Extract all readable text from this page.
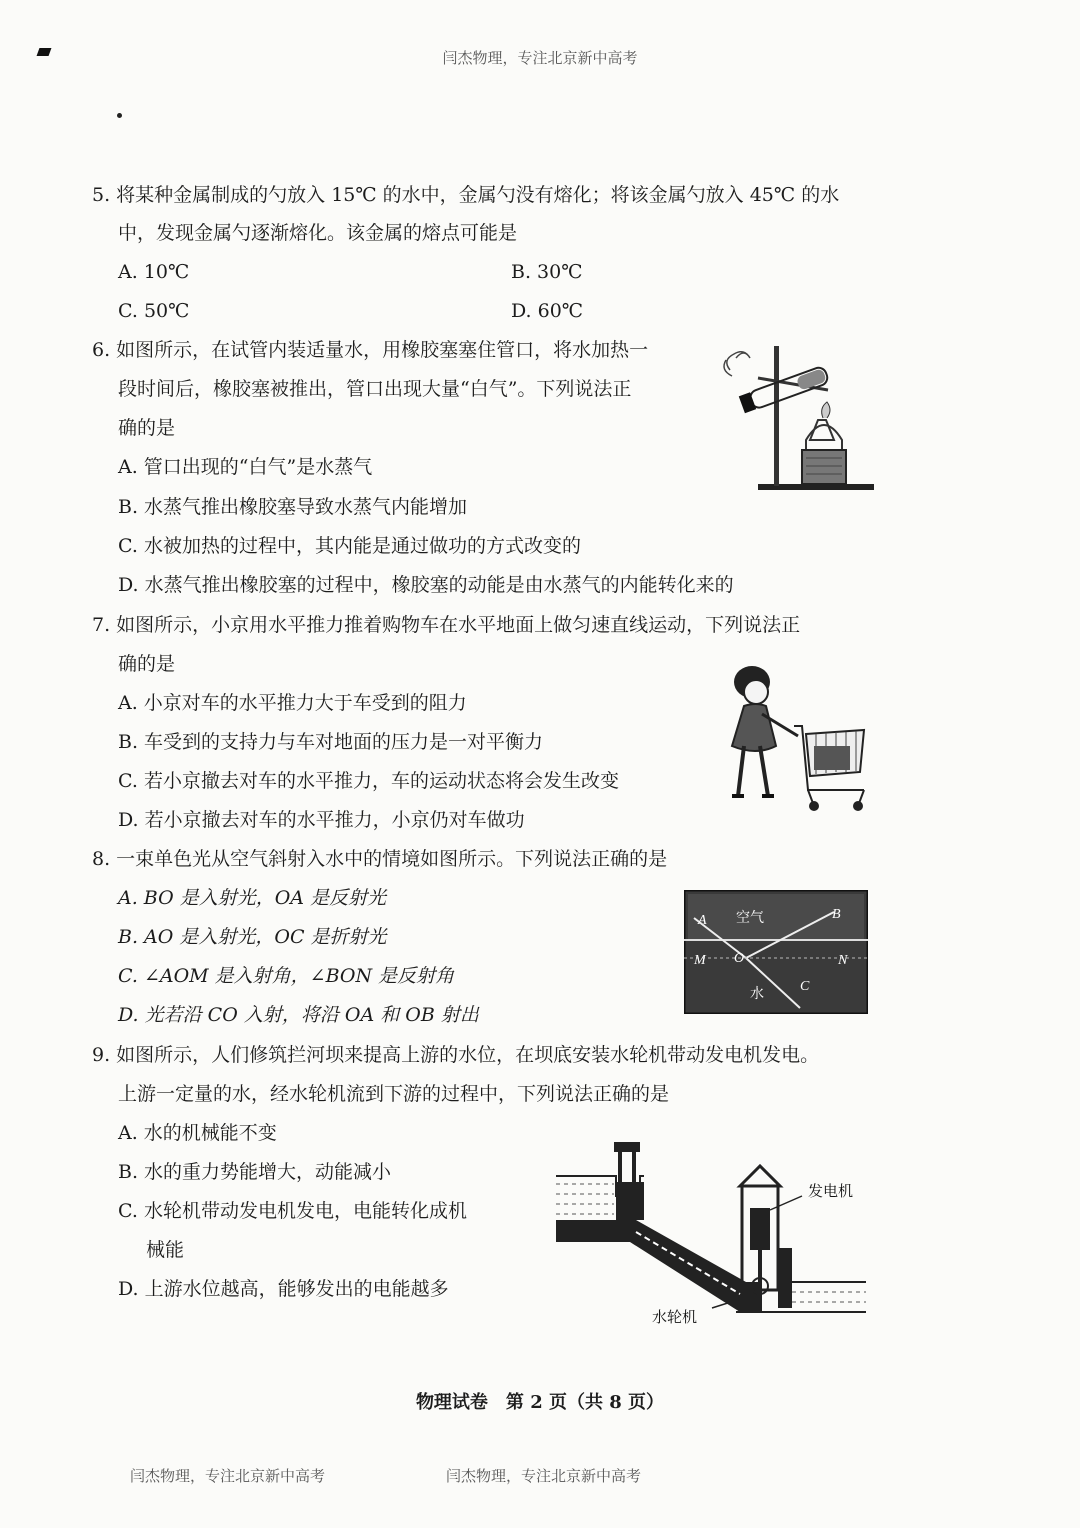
闫杰物理，专注北京新中高考
5. 将某种金属制成的勺放入 15℃ 的水中，金属勺没有熔化；将该金属勺放入 45℃ 的水
中，发现金属勺逐渐熔化。该金属的熔点可能是
A. 10℃	B. 30℃
C. 50℃	D. 60℃
6. 如图所示，在试管内装适量水，用橡胶塞塞住管口，将水加热一
段时间后，橡胶塞被推出，管口出现大量“白气”。下列说法正
确的是
A. 管口出现的“白气”是水蒸气
B. 水蒸气推出橡胶塞导致水蒸气内能增加
C. 水被加热的过程中，其内能是通过做功的方式改变的
D. 水蒸气推出橡胶塞的过程中，橡胶塞的动能是由水蒸气的内能转化来的
7. 如图所示，小京用水平推力推着购物车在水平地面上做匀速直线运动，下列说法正
确的是
A. 小京对车的水平推力大于车受到的阻力
B. 车受到的支持力与车对地面的压力是一对平衡力
C. 若小京撤去对车的水平推力，车的运动状态将会发生改变
D. 若小京撤去对车的水平推力，小京仍对车做功
8. 一束单色光从空气斜射入水中的情境如图所示。下列说法正确的是
A. BO 是入射光，OA 是反射光
B. AO 是入射光，OC 是折射光
C. ∠AOM 是入射角，∠BON 是反射角
D. 光若沿 CO 入射，将沿 OA 和 OB 射出
A 空气	B
M O	N
水	C
9. 如图所示，人们修筑拦河坝来提高上游的水位，在坝底安装水轮机带动发电机发电。
上游一定量的水，经水轮机流到下游的过程中，下列说法正确的是
A. 水的机械能不变
B. 水的重力势能增大，动能减小
C. 水轮机带动发电机发电，电能转化成机
械能
D. 上游水位越高，能够发出的电能越多
发电机
水轮机
物理试卷　第 2 页（共 8 页）
闫杰物理，专注北京新中高考	闫杰物理，专注北京新中高考
